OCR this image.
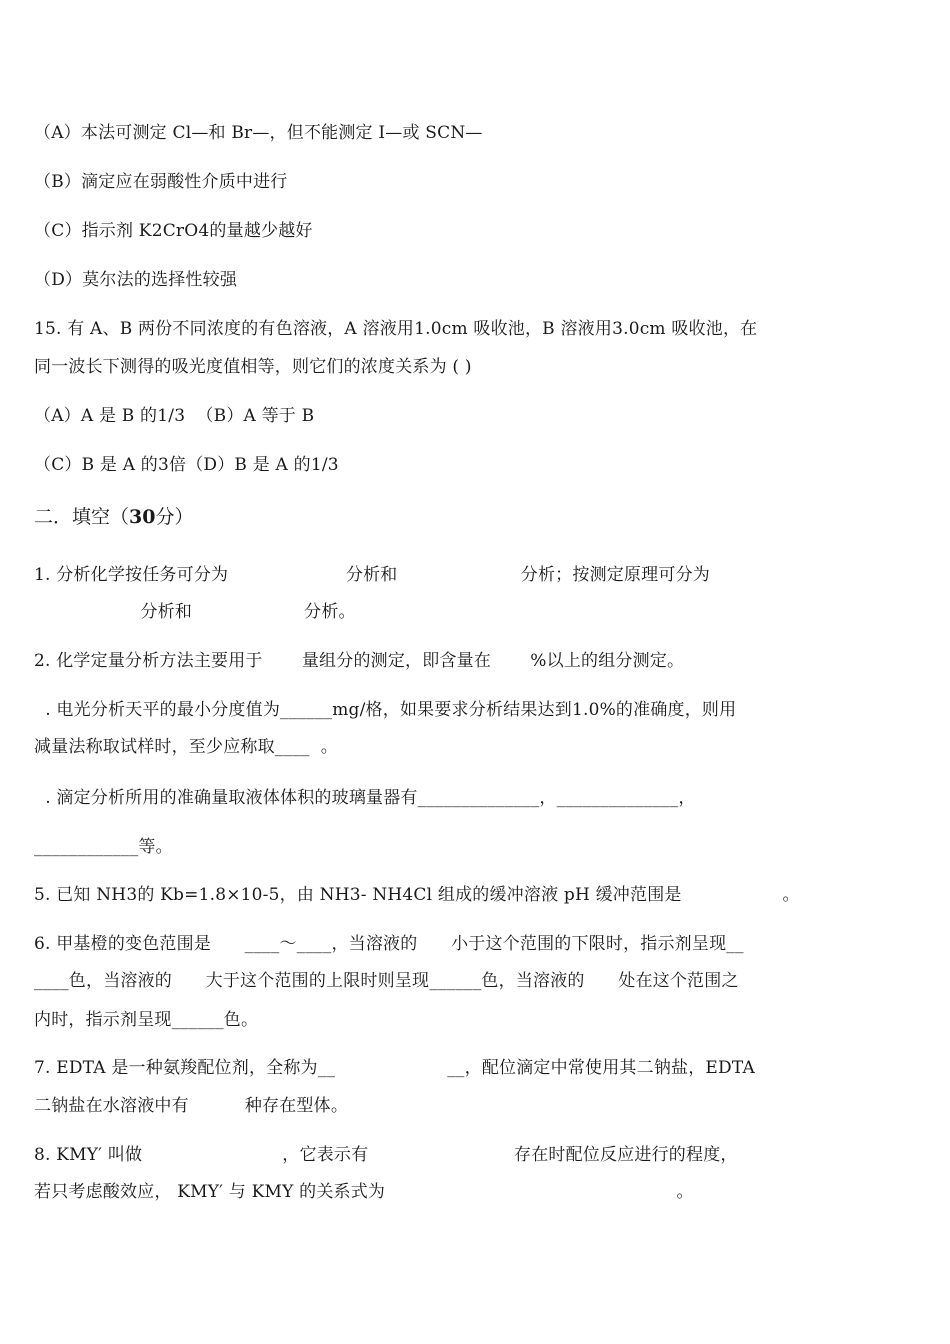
（A）本法可测定 Cl—和 Br—，但不能测定 I—或 SCN—
（B）滴定应在弱酸性介质中进行
（C）指示剂 K2CrO4的量越少越好
（D）莫尔法的选择性较强
15. 有 A、B 两份不同浓度的有色溶液，A 溶液用1.0cm 吸收池，B 溶液用3.0cm 吸收池，在
同一波长下测得的吸光度值相等，则它们的浓度关系为 ( )
（A）A 是 B 的1/3  （B）A 等于 B
（C）B 是 A 的3倍（D）B 是 A 的1/3
二．填空（30分）
1. 分析化学按任务可分为                     分析和                      分析；按测定原理可分为
分析和                    分析。
2. 化学定量分析方法主要用于       量组分的测定，即含量在       %以上的组分测定。
. 电光分析天平的最小分度值为______mg/格，如果要求分析结果达到1.0%的准确度，则用
减量法称取试样时，至少应称取____  。
. 滴定分析所用的准确量取液体体积的玻璃量器有______________，______________，
____________等。
5. 已知 NH3的 Kb=1.8×10-5，由 NH3- NH4Cl 组成的缓冲溶液 pH 缓冲范围是                  。
6. 甲基橙的变色范围是      ____～____，当溶液的      小于这个范围的下限时，指示剂呈现__
____色，当溶液的      大于这个范围的上限时则呈现______色，当溶液的      处在这个范围之
内时，指示剂呈现______色。
7. EDTA 是一种氨羧配位剂，全称为__                    __，配位滴定中常使用其二钠盐，EDTA
二钠盐在水溶液中有          种存在型体。
8. KMY′ 叫做                         ，它表示有                          存在时配位反应进行的程度，
若只考虑酸效应， KMY′ 与 KMY 的关系式为                                                    。
